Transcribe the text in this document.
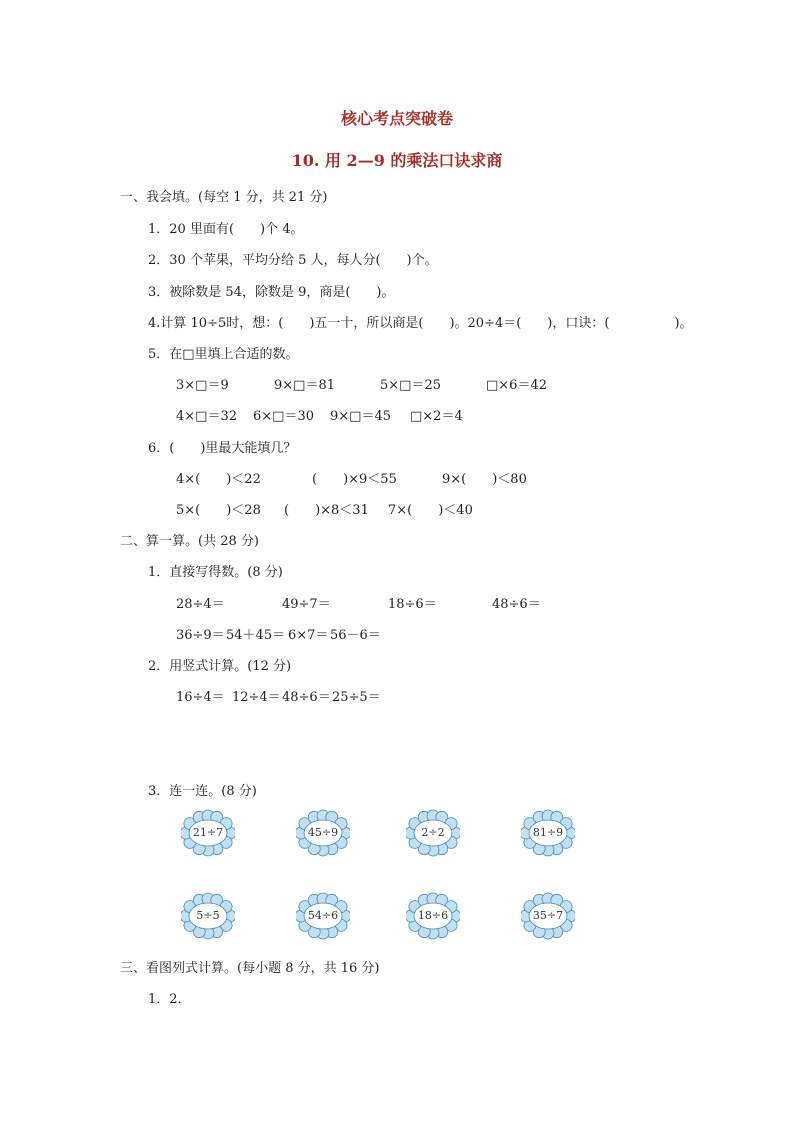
核心考点突破卷
10. 用 2—9 的乘法口诀求商
一、我会填。(每空 1 分，共 21 分)
1．20 里面有(　　)个 4。
2．30 个苹果，平均分给 5 人，每人分(　　)个。
3．被除数是 54，除数是 9，商是(　　)。
4.计算 10÷5时，想：(　　)五一十，所以商是(　　)。20÷4＝(　　)，口诀：(　　　　　)。
5．在□里填上合适的数。
3×□＝9	9×□＝81	5×□＝25	□×6＝42
4×□＝32 6×□＝30 9×□＝45 □×2＝4
6．(　　)里最大能填几？
4×(　　)＜22	(　　)×9＜55	9×(　　)＜80
5×(　　)＜28 (　　)×8＜31 7×(　　)＜40
二、算一算。(共 28 分)
1．直接写得数。(8 分)
28÷4＝	49÷7＝	18÷6＝	48÷6＝
36÷9＝ 54＋45＝ 6×7＝ 56－6＝
2．用竖式计算。(12 分)
16÷4＝ 12÷4＝ 48÷6＝ 25÷5＝
3．连一连。(8 分)
21÷7	45÷9	2÷2	81÷9
5÷5	54÷6	18÷6	35÷7
三、看图列式计算。(每小题 8 分，共 16 分)
1．2．
